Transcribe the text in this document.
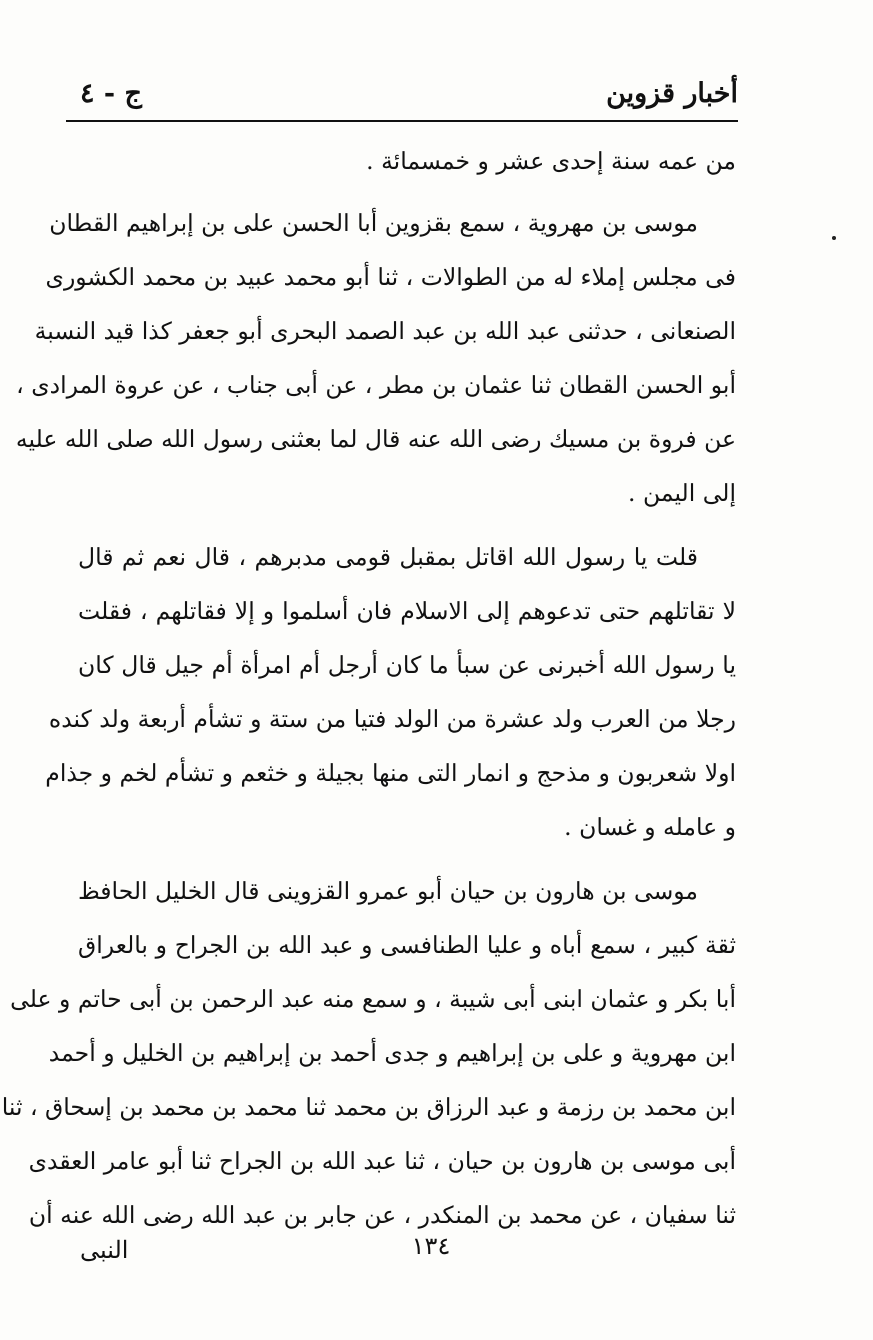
أخبار قزوين
ج - ٤
من عمه سنة إحدى عشر و خمسمائة .
موسى بن مهروية ، سمع بقزوين أبا الحسن على بن إبراهيم القطان
فى مجلس إملاء له من الطوالات ، ثنا أبو محمد عبيد بن محمد الكشورى
الصنعانى ، حدثنى عبد الله بن عبد الصمد البحرى أبو جعفر كذا قيد النسبة
أبو الحسن القطان ثنا عثمان بن مطر ، عن أبى جناب ، عن عروة المرادى ،
عن فروة بن مسيك رضى الله عنه قال لما بعثنى رسول الله صلى الله عليه
إلى اليمن .
قلت يا رسول الله اقاتل بمقبل قومى مدبرهم ، قال نعم ثم قال
لا تقاتلهم حتى تدعوهم إلى الاسلام فان أسلموا و إلا فقاتلهم ، فقلت
يا رسول الله أخبرنى عن سبأ ما كان أرجل أم امرأة أم جيل قال كان
رجلا من العرب ولد عشرة من الولد فتيا من ستة و تشأم أربعة ولد كنده
اولا شعربون و مذحج و انمار التى منها بجيلة و خثعم و تشأم لخم و جذام
و عامله و غسان .
موسى بن هارون بن حيان أبو عمرو القزوينى قال الخليل الحافظ
ثقة كبير ، سمع أباه و عليا الطنافسى و عبد الله بن الجراح و بالعراق
أبا بكر و عثمان ابنى أبى شيبة ، و سمع منه عبد الرحمن بن أبى حاتم و على
ابن مهروية و على بن إبراهيم و جدى أحمد بن إبراهيم بن الخليل و أحمد
ابن محمد بن رزمة و عبد الرزاق بن محمد ثنا محمد بن محمد بن إسحاق ، ثنا
أبى موسى بن هارون بن حيان ، ثنا عبد الله بن الجراح ثنا أبو عامر العقدى
ثنا سفيان ، عن محمد بن المنكدر ، عن جابر بن عبد الله رضى الله عنه أن
١٣٤
النبى
